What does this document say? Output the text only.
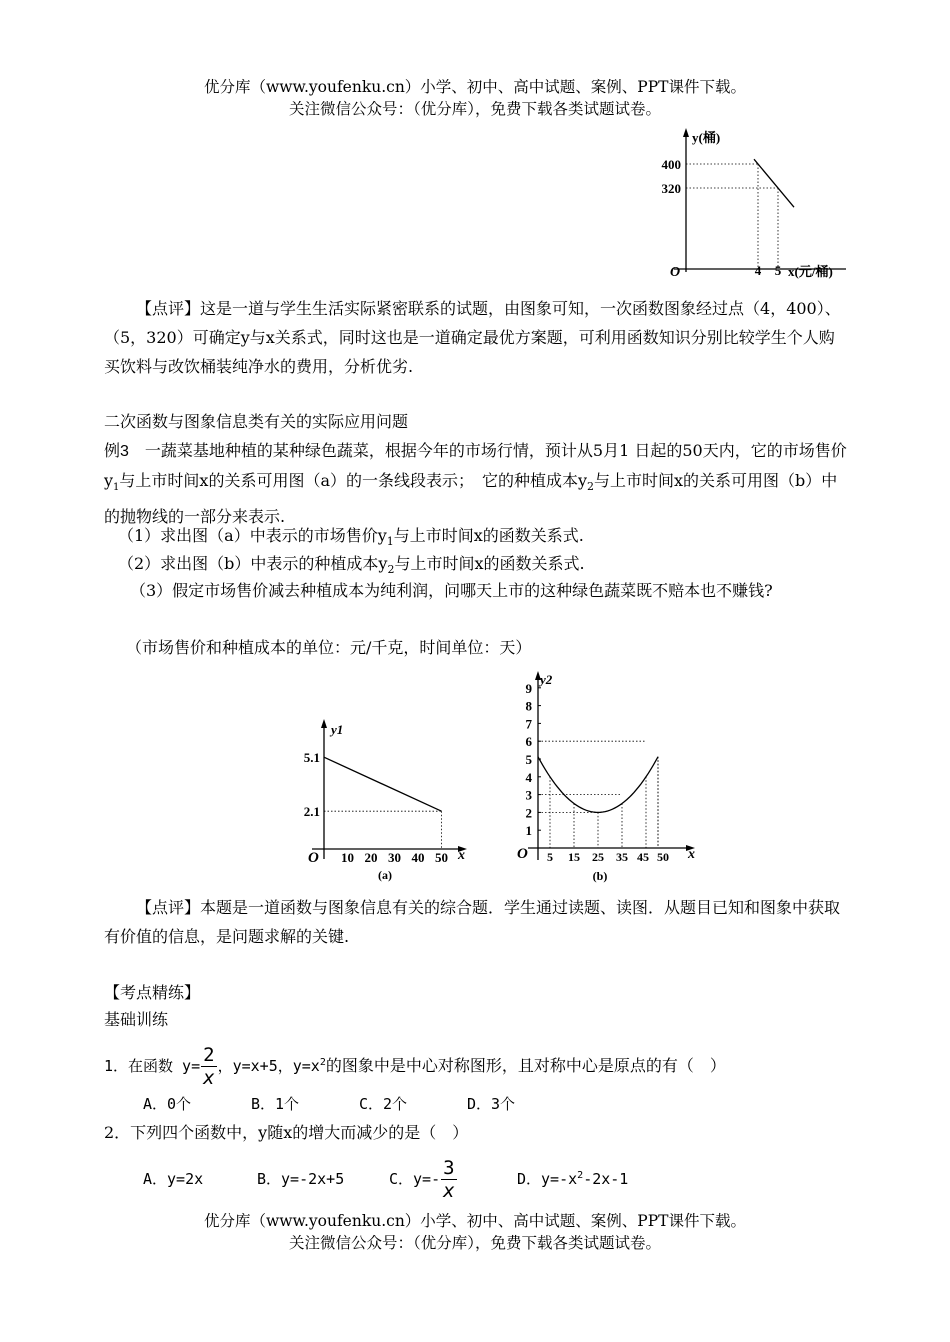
优分库（www.youfenku.cn）小学、初中、高中试题、案例、PPT课件下载。
关注微信公众号：（优分库），免费下载各类试题试卷。
y(桶)
O
400
320
4 5 x(元/桶)
【点评】这是一道与学生生活实际紧密联系的试题，由图象可知，一次函数图象经过点（4，400）、（5，320）可确定y与x关系式，同时这也是一道确定最优方案题，可利用函数知识分别比较学生个人购买饮料与改饮桶装纯净水的费用，分析优劣.
二次函数与图象信息类有关的实际应用问题
例3　一蔬菜基地种植的某种绿色蔬菜，根据今年的市场行情，预计从5月1 日起的50天内，它的市场售价$y_1$与上市时间x的关系可用图（a）的一条线段表示；　它的种植成本$y_2$与上市时间x的关系可用图（b）中的抛物线的一部分来表示.
（1）求出图（a）中表示的市场售价$y_1$与上市时间x的函数关系式.
（2）求出图（b）中表示的种植成本$y_2$与上市时间x的函数关系式.
（3）假定市场售价减去种植成本为纯利润，问哪天上市的这种绿色蔬菜既不赔本也不赚钱?
（市场售价和种植成本的单位：元/千克，时间单位：天）
y1
O	x
(a)
5.1
2.1
10 20 30 40 50
y2
O	x
(b)
1
2
3
4
5
6
7
8
9
5 15 25 35 45 50
【点评】本题是一道函数与图象信息有关的综合题．学生通过读题、读图．从题目已知和图象中获取有价值的信息，是问题求解的关键.
【考点精练】
基础训练
1．在函数 $y= \frac{2}{x}$ ，y=x+5，$y=x^2$的图象中是中心对称图形，且对称中心是原点的有（　）
A．0个	B．1个	C．2个	D．3个
2．下列四个函数中，y随x的增大而减少的是（　）
A．y=2x	B．y=-2x+5	C．$y=- \frac{3}{x}$	D．$y=-x^2-2x-1$
优分库（www.youfenku.cn）小学、初中、高中试题、案例、PPT课件下载。
关注微信公众号：（优分库），免费下载各类试题试卷。
